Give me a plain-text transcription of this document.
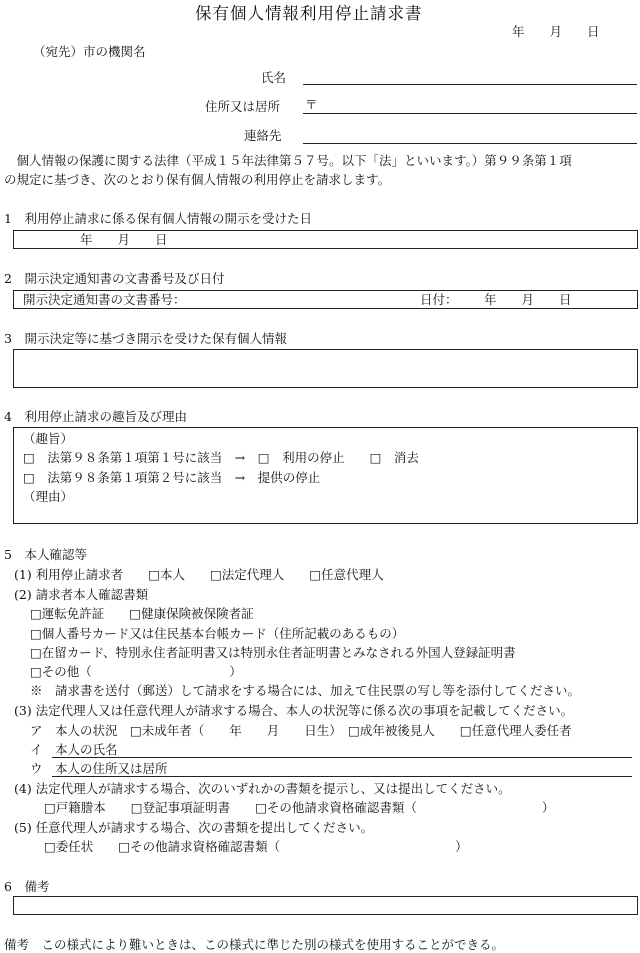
保有個人情報利用停止請求書
年　　月　　日
（宛先）市の機関名
氏名
住所又は居所 〒
連絡先
　個人情報の保護に関する法律（平成１５年法律第５７号。以下「法」といいます。）第９９条第１項
の規定に基づき、次のとおり保有個人情報の利用停止を請求します。
1　利用停止請求に係る保有個人情報の開示を受けた日
年　　月　　日
2　開示決定通知書の文書番号及び日付
開示決定通知書の文書番号：	日付： 年　　月　　日
3　開示決定等に基づき開示を受けた保有個人情報
4　利用停止請求の趣旨及び理由
（趣旨）
□　法第９８条第１項第１号に該当　→　□　利用の停止　　□　消去
□　法第９８条第１項第２号に該当　→　提供の停止
（理由）
5　本人確認等
(1) 利用停止請求者　　□本人　　□法定代理人　　□任意代理人
(2) 請求者本人確認書類
□運転免許証　　□健康保険被保険者証
□個人番号カード又は住民基本台帳カード（住所記載のあるもの）
□在留カード、特別永住者証明書又は特別永住者証明書とみなされる外国人登録証明書
□その他（　　　　　　　　　　　）
※　請求書を送付（郵送）して請求をする場合には、加えて住民票の写し等を添付してください。
(3) 法定代理人又は任意代理人が請求する場合、本人の状況等に係る次の事項を記載してください。
ア　本人の状況　□未成年者（　　年　　月　　日生）　□成年被後見人　　□任意代理人委任者
イ　本人の氏名
ウ　本人の住所又は居所
(4) 法定代理人が請求する場合、次のいずれかの書類を提示し、又は提出してください。
□戸籍謄本　　□登記事項証明書　　□その他請求資格確認書類（　　　　　　　　　　）
(5) 任意代理人が請求する場合、次の書類を提出してください。
□委任状　　□その他請求資格確認書類（　　　　　　　　　　　　　　）
6　備考
備考　この様式により難いときは、この様式に準じた別の様式を使用することができる。
